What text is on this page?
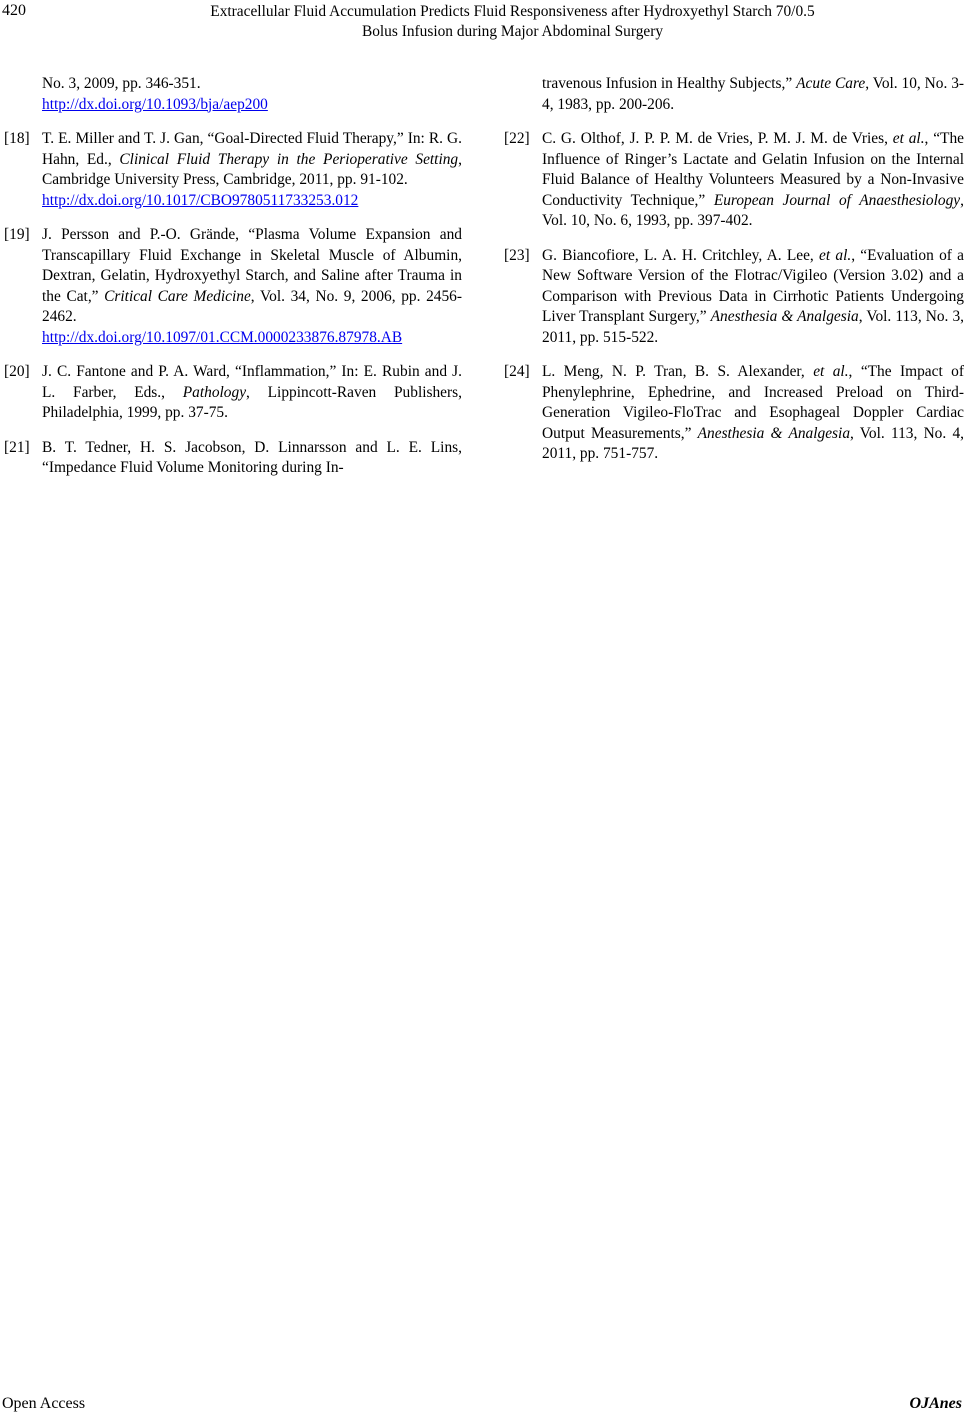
420	Extracellular Fluid Accumulation Predicts Fluid Responsiveness after Hydroxyethyl Starch 70/0.5
Bolus Infusion during Major Abdominal Surgery
No. 3, 2009, pp. 346-351.
http://dx.doi.org/10.1093/bja/aep200
[18] T. E. Miller and T. J. Gan, “Goal-Directed Fluid Therapy,” In: R. G. Hahn, Ed., Clinical Fluid Therapy in the Perioperative Setting, Cambridge University Press, Cambridge, 2011, pp. 91-102.
http://dx.doi.org/10.1017/CBO9780511733253.012
[19] J. Persson and P.-O. Grände, “Plasma Volume Expansion and Transcapillary Fluid Exchange in Skeletal Muscle of Albumin, Dextran, Gelatin, Hydroxyethyl Starch, and Saline after Trauma in the Cat,” Critical Care Medicine, Vol. 34, No. 9, 2006, pp. 2456-2462.
http://dx.doi.org/10.1097/01.CCM.0000233876.87978.AB
[20] J. C. Fantone and P. A. Ward, “Inflammation,” In: E. Rubin and J. L. Farber, Eds., Pathology, Lippincott-Raven Publishers, Philadelphia, 1999, pp. 37-75.
[21] B. T. Tedner, H. S. Jacobson, D. Linnarsson and L. E. Lins, “Impedance Fluid Volume Monitoring during In-
travenous Infusion in Healthy Subjects,” Acute Care, Vol. 10, No. 3-4, 1983, pp. 200-206.
[22] C. G. Olthof, J. P. P. M. de Vries, P. M. J. M. de Vries, et al., “The Influence of Ringer’s Lactate and Gelatin Infusion on the Internal Fluid Balance of Healthy Volunteers Measured by a Non-Invasive Conductivity Technique,” European Journal of Anaesthesiology, Vol. 10, No. 6, 1993, pp. 397-402.
[23] G. Biancofiore, L. A. H. Critchley, A. Lee, et al., “Evaluation of a New Software Version of the Flotrac/Vigileo (Version 3.02) and a Comparison with Previous Data in Cirrhotic Patients Undergoing Liver Transplant Surgery,” Anesthesia & Analgesia, Vol. 113, No. 3, 2011, pp. 515-522.
[24] L. Meng, N. P. Tran, B. S. Alexander, et al., “The Impact of Phenylephrine, Ephedrine, and Increased Preload on Third-Generation Vigileo-FloTrac and Esophageal Doppler Cardiac Output Measurements,” Anesthesia & Analgesia, Vol. 113, No. 4, 2011, pp. 751-757.
Open Access	OJAnes
